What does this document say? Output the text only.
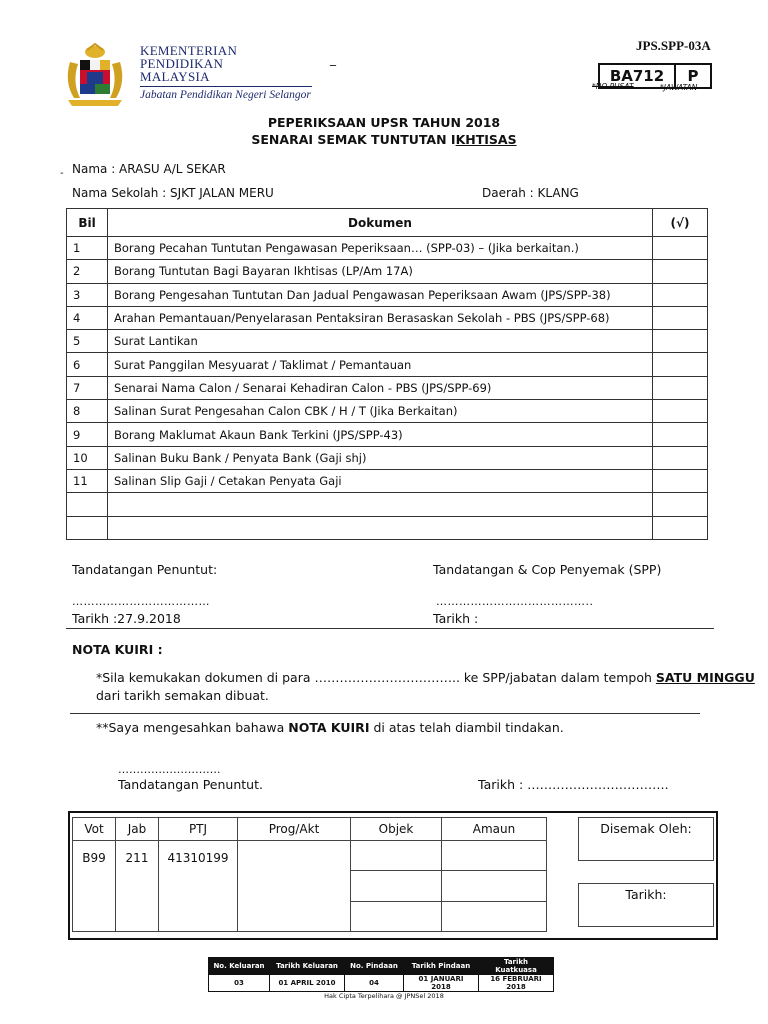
KEMENTERIAN
PENDIDIKAN
MALAYSIA
Jabatan Pendidikan Negeri Selangor
_
JPS.SPP-03A
BA712	P
*NO PUSAT	*JAWATAN
PEPERIKSAAN UPSR TAHUN 2018
SENARAI SEMAK TUNTUTAN IKHTISAS
- Nama : ARASU A/L SEKAR
Nama Sekolah : SJKT JALAN MERU	Daerah : KLANG
Bil	Dokumen	(√)
1	Borang Pecahan Tuntutan Pengawasan Peperiksaan… (SPP-03) – (Jika berkaitan.)	
2	Borang Tuntutan Bagi Bayaran Ikhtisas (LP/Am 17A)	
3	Borang Pengesahan Tuntutan Dan Jadual Pengawasan Peperiksaan Awam (JPS/SPP-38)	
4	Arahan Pemantauan/Penyelarasan Pentaksiran Berasaskan Sekolah - PBS (JPS/SPP-68)	
5	Surat Lantikan	
6	Surat Panggilan Mesyuarat / Taklimat / Pemantauan	
7	Senarai Nama Calon / Senarai Kehadiran Calon - PBS (JPS/SPP-69)	
8	Salinan Surat Pengesahan Calon CBK / H / T (Jika Berkaitan)	
9	Borang Maklumat Akaun Bank Terkini (JPS/SPP-43)	
10	Salinan Buku Bank / Penyata Bank (Gaji shj)	
11	Salinan Slip Gaji / Cetakan Penyata Gaji	

Tandatangan Penuntut:	Tandatangan & Cop Penyemak (SPP)
………………………………	…………………………………..
Tarikh :27.9.2018	Tarikh :
NOTA KUIRI :
*Sila kemukakan dokumen di para …………………………….. ke SPP/jabatan dalam tempoh SATU MINGGU
dari tarikh semakan dibuat.
**Saya mengesahkan bahawa NOTA KUIRI di atas telah diambil tindakan.
……………………….
Tandatangan Penuntut.	Tarikh : …………………………….
Vot	Jab	PTJ	Prog/Akt	Objek	Amaun
B99	211	41310199			

Disemak Oleh:
Tarikh:
No. Keluaran	Tarikh Keluaran	No. Pindaan	Tarikh Pindaan	Tarikh Kuatkuasa
03	01 APRIL 2010	04	01 JANUARI 2018	16 FEBRUARI 2018
Hak Cipta Terpelihara @ JPNSel 2018
